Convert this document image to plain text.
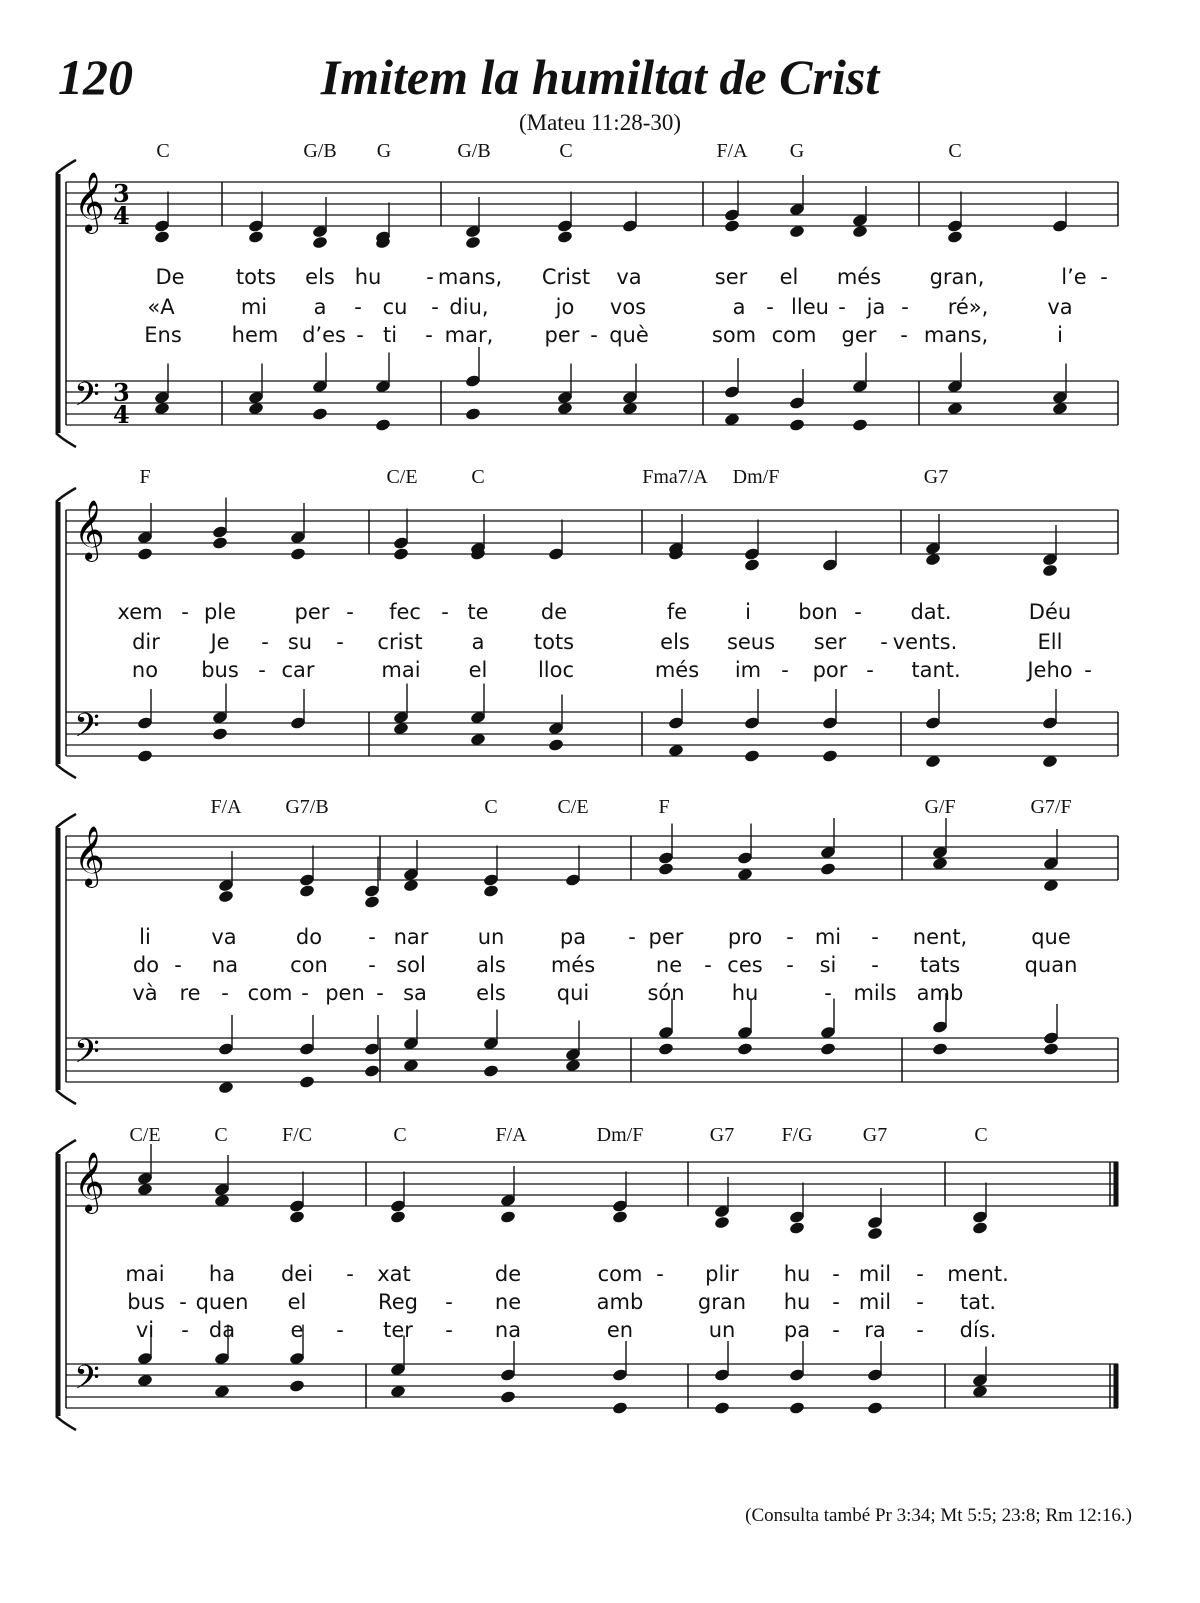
120	Imitem la humiltat de Crist
(Mateu 11:28-30)
𝄞
𝄢
3
4
3
4
𝄞
𝄢
𝄞
𝄢
𝄞
𝄢
C	G/B G	G/B	C	F/A G	C
De tots els hu - mans, Crist va	ser el més gran,	l’e -
«A	mi a - cu - diu,	jo vos	a - lleu - ja - ré»,	va
Ens hem d’es - ti - mar, per - què	som com ger - mans,	i
F	C/E	C	Fma7/A Dm/F	G7
xem - ple	per - fec - te de	fe	i bon - dat.	Déu
dir Je - su - crist a tots	els seus ser - vents.	Ell
no bus - car	mai el lloc	més im - por - tant.	Jeho -
F/A G7/B	C	C/E	F	G/F	G7/F
li	va	do - nar un	pa - per pro - mi - nent,	que
do - na con - sol als més	ne - ces - si - tats	quan
và re - com - pen - sa els qui	són hu	- mils amb
C/E	C	F/C	C	F/A	Dm/F	G7 F/G	G7	C
mai ha dei - xat	de	com - plir hu - mil - ment.
bus - quen el	Reg - ne	amb	gran hu - mil - tat.
vi - da	e - ter - na	en	un pa - ra - dís.
(Consulta també Pr 3:34; Mt 5:5; 23:8; Rm 12:16.)
